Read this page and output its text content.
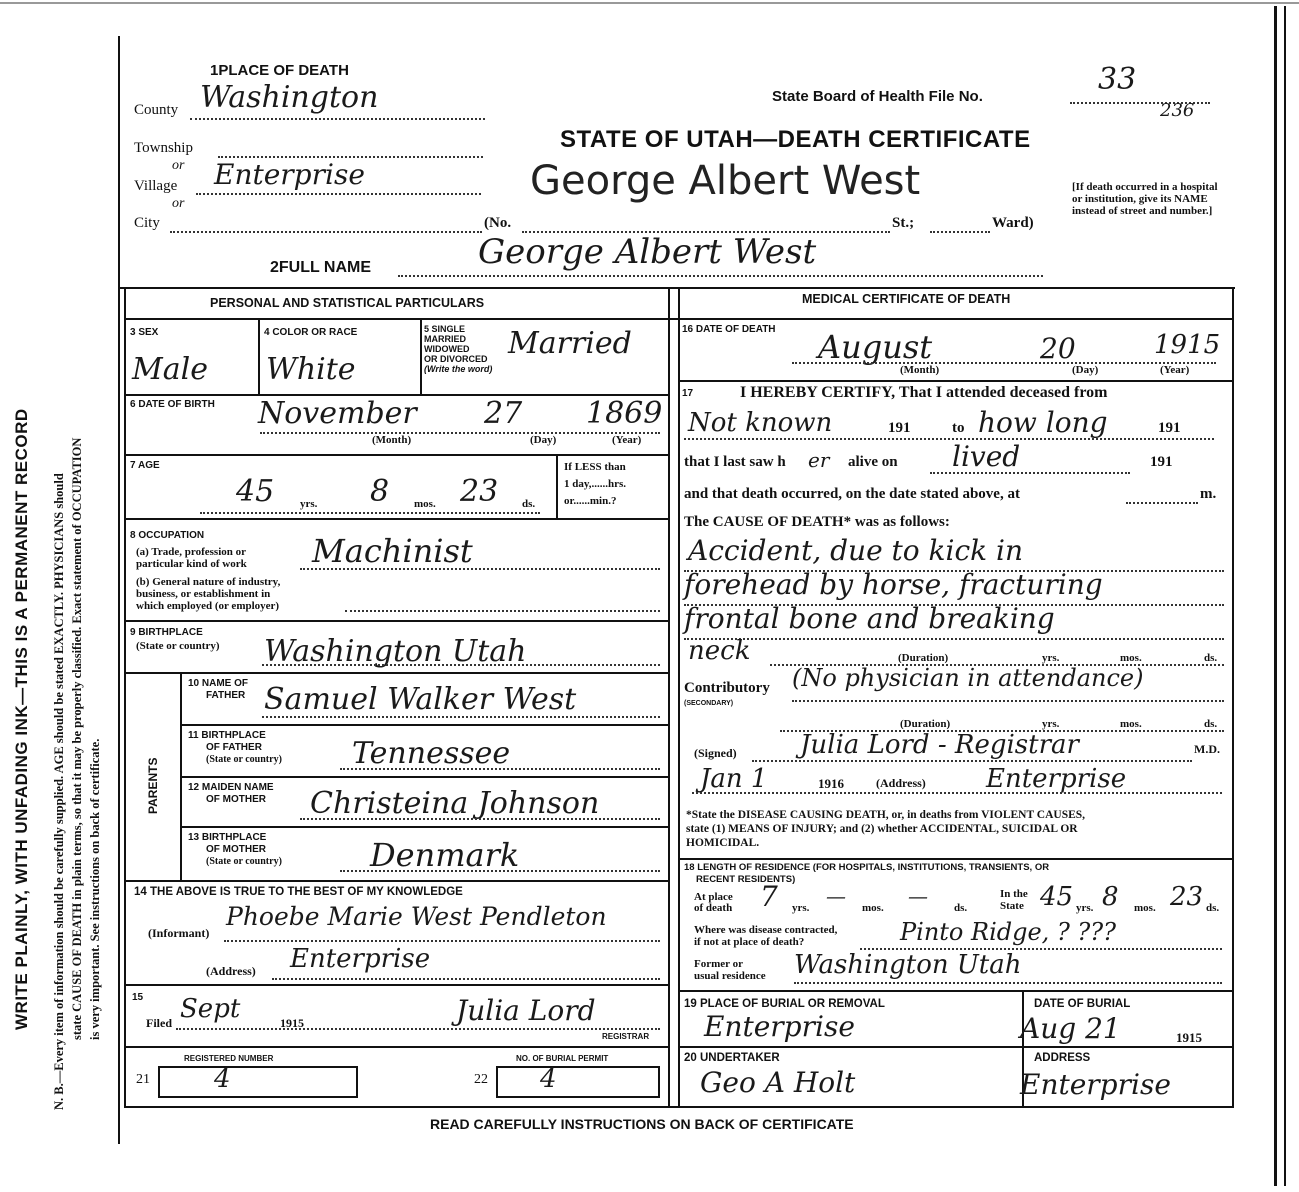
WRITE PLAINLY, WITH UNFADING INK—THIS IS A PERMANENT RECORD N. B.—Every item of information should be carefully supplied. AGE should be stated EXACTLY. PHYSICIANS should state CAUSE OF DEATH in plain terms, so that it may be properly classified. Exact statement of OCCUPATION is very important. See instructions on back of certificate.
1PLACE OF DEATH
County Washington
Township
or
Village Enterprise
or
City	(No.	St.;	Ward)
State Board of Health File No.	33
236
STATE OF UTAH—DEATH CERTIFICATE
George Albert West	[If death occurred in a hospital or institution, give its NAME instead of street and number.]
2FULL NAME	George Albert West
PERSONAL AND STATISTICAL PARTICULARS
3 SEX
Male
4 COLOR OR RACE
White
5 SINGLE
MARRIED
WIDOWED
OR DIVORCED
(Write the word)
Married
6 DATE OF BIRTH November 27 1869
(Month)	(Day)	(Year)
7 AGE
45 yrs. 8 mos. 23 ds.
If LESS than
1 day,......hrs.
or......min.?
8 OCCUPATION
(a) Trade, profession or
particular kind of work
(b) General nature of industry,
business, or establishment in
which employed (or employer)
Machinist
9 BIRTHPLACE
(State or country) Washington Utah
PARENTS
10 NAME OF
FATHER Samuel Walker West
11 BIRTHPLACE
OF FATHER
(State or country) Tennessee
12 MAIDEN NAME
OF MOTHER Christeina Johnson
13 BIRTHPLACE
OF MOTHER
(State or country)	Denmark
14 THE ABOVE IS TRUE TO THE BEST OF MY KNOWLEDGE
(Informant)
Phoebe Marie West Pendleton
(Address) Enterprise
15
Filed Sept	1915	Julia Lord
REGISTRAR
REGISTERED NUMBER
21 4
NO. OF BURIAL PERMIT
22 4
MEDICAL CERTIFICATE OF DEATH
16 DATE OF DEATH August	20	1915
(Month)	(Day)	(Year)
17	I HEREBY CERTIFY, That I attended deceased from
Not known	191	to how long	191
that I last saw h er alive on lived	191
and that death occurred, on the date stated above, at	m.
The CAUSE OF DEATH* was as follows:
Accident, due to kick in
forehead by horse, fracturing
frontal bone and breaking
neck	(Duration)	yrs.	mos.	ds.
Contributory
(SECONDARY)
(No physician in attendance)
(Duration)	yrs.	mos.	ds.
(Signed) Julia Lord - Registrar	M.D.
Jan 1	1916	(Address) Enterprise
*State the DISEASE CAUSING DEATH, or, in deaths from VIOLENT CAUSES,
state (1) MEANS OF INJURY; and (2) whether ACCIDENTAL, SUICIDAL OR
HOMICIDAL.
18 LENGTH OF RESIDENCE (FOR HOSPITALS, INSTITUTIONS, TRANSIENTS, OR
RECENT RESIDENTS)
At place
of death 7 yrs. — mos. — ds.
In the
State 45 yrs. 8 mos. 23 ds.
Where was disease contracted,
if not at place of death?	Pinto Ridge, ? ???
Former or
usual residence Washington Utah
19 PLACE OF BURIAL OR REMOVAL
Enterprise
DATE OF BURIAL
Aug 21	1915
20 UNDERTAKER
Geo A Holt
ADDRESS
Enterprise
READ CAREFULLY INSTRUCTIONS ON BACK OF CERTIFICATE
